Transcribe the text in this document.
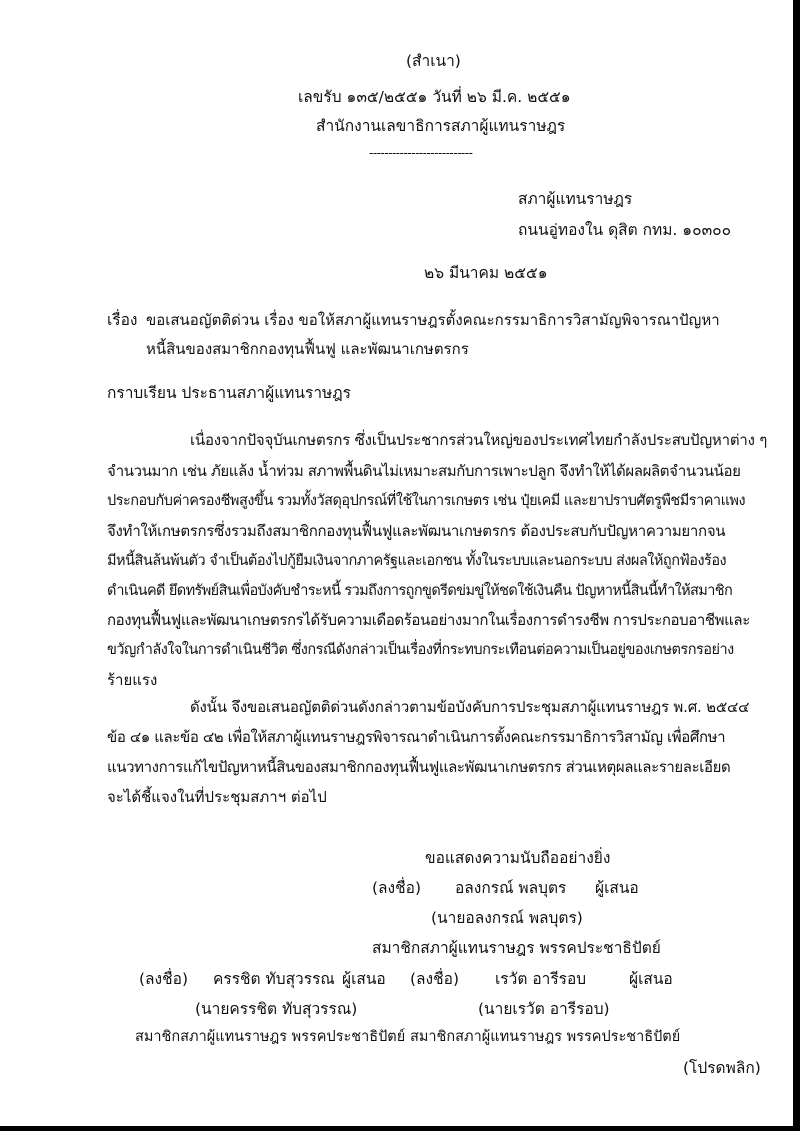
(สำเนา)
เลขรับ ๑๓๕/๒๕๕๑ วันที่ ๒๖ มี.ค. ๒๕๕๑
สำนักงานเลขาธิการสภาผู้แทนราษฎร
---------------------------
สภาผู้แทนราษฎร
ถนนอู่ทองใน ดุสิต กทม. ๑๐๓๐๐
๒๖ มีนาคม ๒๕๕๑
เรื่อง ขอเสนอญัตติด่วน เรื่อง ขอให้สภาผู้แทนราษฎรตั้งคณะกรรมาธิการวิสามัญพิจารณาปัญหา
หนี้สินของสมาชิกกองทุนฟื้นฟู และพัฒนาเกษตรกร
กราบเรียน ประธานสภาผู้แทนราษฎร
เนื่องจากปัจจุบันเกษตรกร ซึ่งเป็นประชากรส่วนใหญ่ของประเทศไทยกำลังประสบปัญหาต่าง ๆ
จำนวนมาก เช่น ภัยแล้ง น้ำท่วม สภาพพื้นดินไม่เหมาะสมกับการเพาะปลูก จึงทำให้ได้ผลผลิตจำนวนน้อย
ประกอบกับค่าครองชีพสูงขึ้น รวมทั้งวัสดุอุปกรณ์ที่ใช้ในการเกษตร เช่น ปุ๋ยเคมี และยาปราบศัตรูพืชมีราคาแพง
จึงทำให้เกษตรกรซึ่งรวมถึงสมาชิกกองทุนฟื้นฟูและพัฒนาเกษตรกร ต้องประสบกับปัญหาความยากจน
มีหนี้สินล้นพ้นตัว จำเป็นต้องไปกู้ยืมเงินจากภาครัฐและเอกชน ทั้งในระบบและนอกระบบ ส่งผลให้ถูกฟ้องร้อง
ดำเนินคดี ยึดทรัพย์สินเพื่อบังคับชำระหนี้ รวมถึงการถูกขูดรีดข่มขู่ให้ชดใช้เงินคืน ปัญหาหนี้สินนี้ทำให้สมาชิก
กองทุนฟื้นฟูและพัฒนาเกษตรกรได้รับความเดือดร้อนอย่างมากในเรื่องการดำรงชีพ การประกอบอาชีพและ
ขวัญกำลังใจในการดำเนินชีวิต ซึ่งกรณีดังกล่าวเป็นเรื่องที่กระทบกระเทือนต่อความเป็นอยู่ของเกษตรกรอย่าง
ร้ายแรง
ดังนั้น จึงขอเสนอญัตติด่วนดังกล่าวตามข้อบังคับการประชุมสภาผู้แทนราษฎร พ.ศ. ๒๕๔๔
ข้อ ๔๑ และข้อ ๔๒ เพื่อให้สภาผู้แทนราษฎรพิจารณาดำเนินการตั้งคณะกรรมาธิการวิสามัญ เพื่อศึกษา
แนวทางการแก้ไขปัญหาหนี้สินของสมาชิกกองทุนฟื้นฟูและพัฒนาเกษตรกร ส่วนเหตุผลและรายละเอียด
จะได้ชี้แจงในที่ประชุมสภาฯ ต่อไป
ขอแสดงความนับถืออย่างยิ่ง
(ลงชื่อ) อลงกรณ์ พลบุตร ผู้เสนอ
(นายอลงกรณ์ พลบุตร)
สมาชิกสภาผู้แทนราษฎร พรรคประชาธิปัตย์
(ลงชื่อ) ครรชิต ทับสุวรรณ ผู้เสนอ
(นายครรชิต ทับสุวรรณ)
สมาชิกสภาผู้แทนราษฎร พรรคประชาธิปัตย์
(ลงชื่อ) เรวัต อารีรอบ	ผู้เสนอ
(นายเรวัต อารีรอบ)
สมาชิกสภาผู้แทนราษฎร พรรคประชาธิปัตย์
(โปรดพลิก)
